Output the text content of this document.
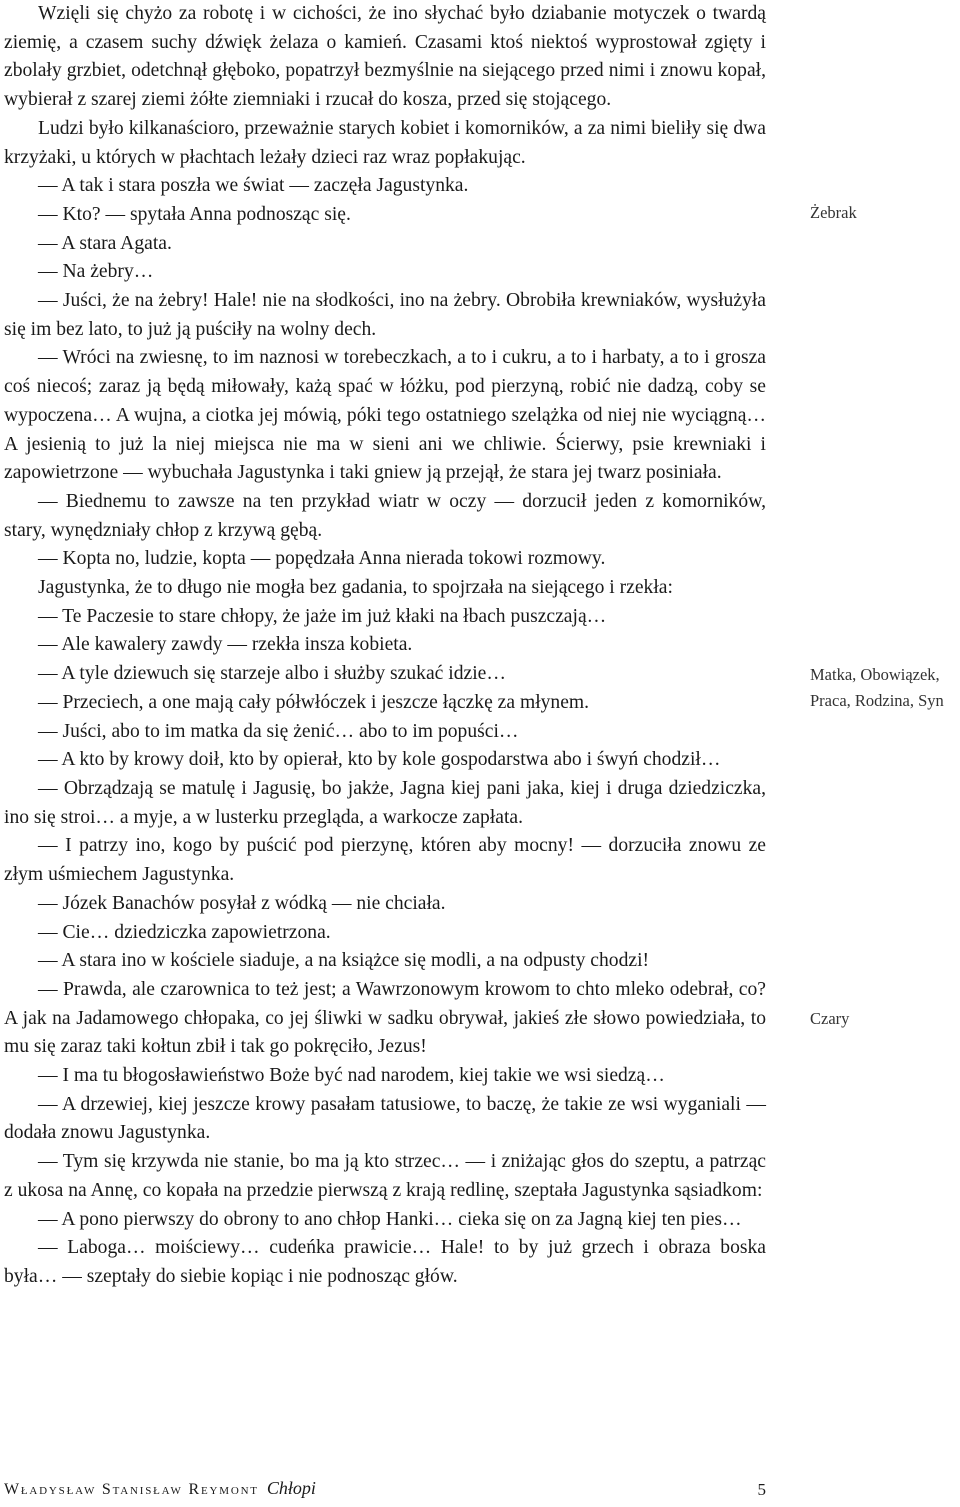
Wzięli się chyżo za robotę i w cichości, że ino słychać było dziabanie motyczek o twardą ziemię, a czasem suchy dźwięk żelaza o kamień. Czasami ktoś niektoś wyprostował zgięty i zbolały grzbiet, odetchnął głęboko, popatrzył bezmyślnie na siejącego przed nimi i znowu kopał, wybierał z szarej ziemi żółte ziemniaki i rzucał do kosza, przed się stojącego.

Ludzi było kilkanaścioro, przeważnie starych kobiet i komorników, a za nimi bieliły się dwa krzyżaki, u których w płachtach leżały dzieci raz wraz popłakując.

— A tak i stara poszła we świat — zaczęła Jagustynka.

— Kto? — spytała Anna podnosząc się.

— A stara Agata.

— Na żebry…

— Juści, że na żebry! Hale! nie na słodkości, ino na żebry. Obrobiła krewniaków, wysłużyła się im bez lato, to już ją puściły na wolny dech.

— Wróci na zwiesnę, to im naznosi w torebeczkach, a to i cukru, a to i harbaty, a to i grosza coś niecoś; zaraz ją będą miłowały, każą spać w łóżku, pod pierzyną, robić nie dadzą, coby se wypoczena… A wujna, a ciotka jej mówią, póki tego ostatniego szelążka od niej nie wyciągną… A jesienią to już la niej miejsca nie ma w sieni ani we chliwie. Ścierwy, psie krewniaki i zapowietrzone — wybuchała Jagustynka i taki gniew ją przejął, że stara jej twarz posiniała.

— Biednemu to zawsze na ten przykład wiatr w oczy — dorzucił jeden z komorników, stary, wynędzniały chłop z krzywą gębą.

— Kopta no, ludzie, kopta — popędzała Anna nierada tokowi rozmowy.

Jagustynka, że to długo nie mogła bez gadania, to spojrzała na siejącego i rzekła:

— Te Paczesie to stare chłopy, że jażе im już kłaki na łbach puszczają…

— Ale kawalery zawdy — rzekła insza kobieta.

— A tyle dziewuch się starzeje albo i służby szukać idzie…

— Przeciech, a one mają cały półwłóczek i jeszcze łączkę za młynem.

— Juści, abo to im matka da się żenić… abo to im popuści…

— A kto by krowy doił, kto by opierał, kto by kole gospodarstwa abo i śwyń chodził…

— Obrządzają se matulę i Jagusię, bo jakże, Jagna kiej pani jaka, kiej i druga dziedziczka, ino się stroi… a myje, a w lusterku przegląda, a warkocze zapłata.

— I patrzy ino, kogo by puścić pod pierzynę, któren aby mocny! — dorzuciła znowu ze złym uśmiechem Jagustynka.

— Józek Banachów posyłał z wódką — nie chciała.

— Cie… dziedziczka zapowietrzona.

— A stara ino w kościele siaduje, a na książce się modli, a na odpusty chodzi!

— Prawda, ale czarownica to też jest; a Wawrzonowym krowom to chto mleko odebrał, co? A jak na Jadamowego chłopaka, co jej śliwki w sadku obrywał, jakieś złe słowo powiedziała, to mu się zaraz taki kołtun zbił i tak go pokręciło, Jezus!

— I ma tu błogosławieństwo Boże być nad narodem, kiej takie we wsi siedzą…

— A drzewiej, kiej jeszcze krowy pasałam tatusiowe, to baczę, że takie ze wsi wyganiali — dodała znowu Jagustynka.

— Tym się krzywda nie stanie, bo ma ją kto strzec… — i zniżając głos do szeptu, a patrząc z ukosa na Annę, co kopała na przedzie pierwszą z krają redlinę, szeptała Jagustynka sąsiadkom:

— A pono pierwszy do obrony to ano chłop Hanki… cieka się on za Jagną kiej ten pies…

— Laboga… moiściewy… cudeńka prawicie… Hale! to by już grzech i obraza boska była… — szeptały do siebie kopiąc i nie podnosząc głów.

Żebrak
Matka, Obowiązek, Praca, Rodzina, Syn
Czary
Władysław Stanisław Reymont Chłopi	5
